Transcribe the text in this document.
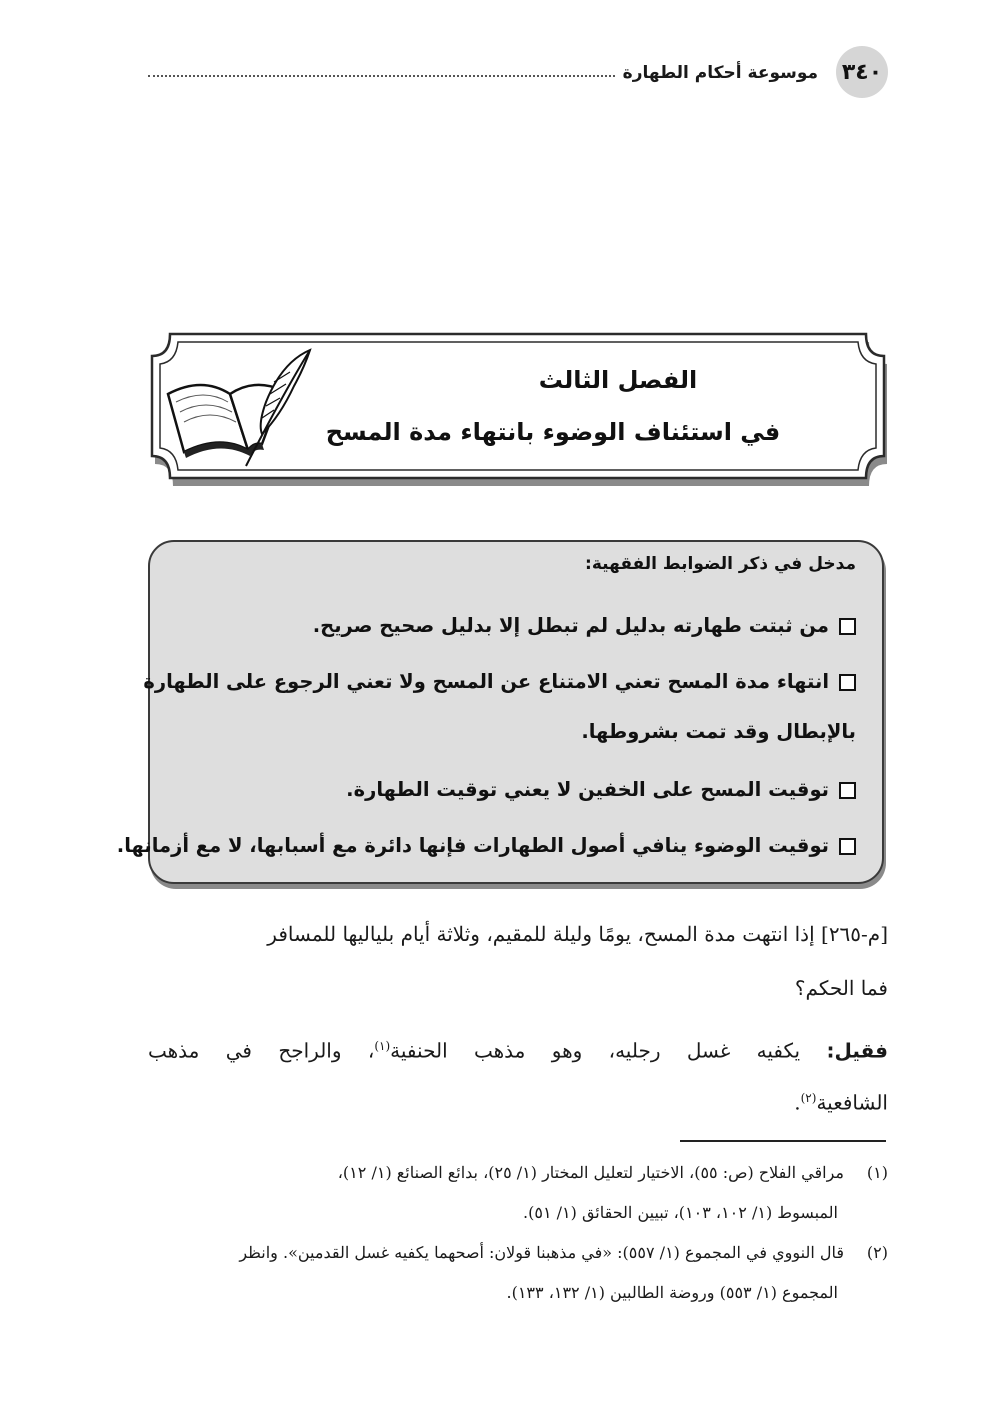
٣٤٠
موسوعة أحكام الطهارة
الفصل الثالث
في استئناف الوضوء بانتهاء مدة المسح
مدخل في ذكر الضوابط الفقهية:
من ثبتت طهارته بدليل لم تبطل إلا بدليل صحيح صريح.
انتهاء مدة المسح تعني الامتناع عن المسح ولا تعني الرجوع على الطهارة
بالإبطال وقد تمت بشروطها.
توقيت المسح على الخفين لا يعني توقيت الطهارة.
توقيت الوضوء ينافي أصول الطهارات فإنها دائرة مع أسبابها، لا مع أزمانها.
[م-٢٦٥] إذا انتهت مدة المسح، يومًا وليلة للمقيم، وثلاثة أيام بلياليها للمسافر
فما الحكم؟
فقيل: يكفيه غسل رجليه، وهو مذهب الحنفية$^{(١)}$، والراجح في مذهب
الشافعية$^{(٢)}$.
(١)مراقي الفلاح (ص: ٥٥)، الاختيار لتعليل المختار (١/ ٢٥)، بدائع الصنائع (١/ ١٢)،
المبسوط (١/ ١٠٢، ١٠٣)، تبيين الحقائق (١/ ٥١).
(٢)قال النووي في المجموع (١/ ٥٥٧): «في مذهبنا قولان: أصحهما يكفيه غسل القدمين». وانظر
المجموع (١/ ٥٥٣) وروضة الطالبين (١/ ١٣٢، ١٣٣).
